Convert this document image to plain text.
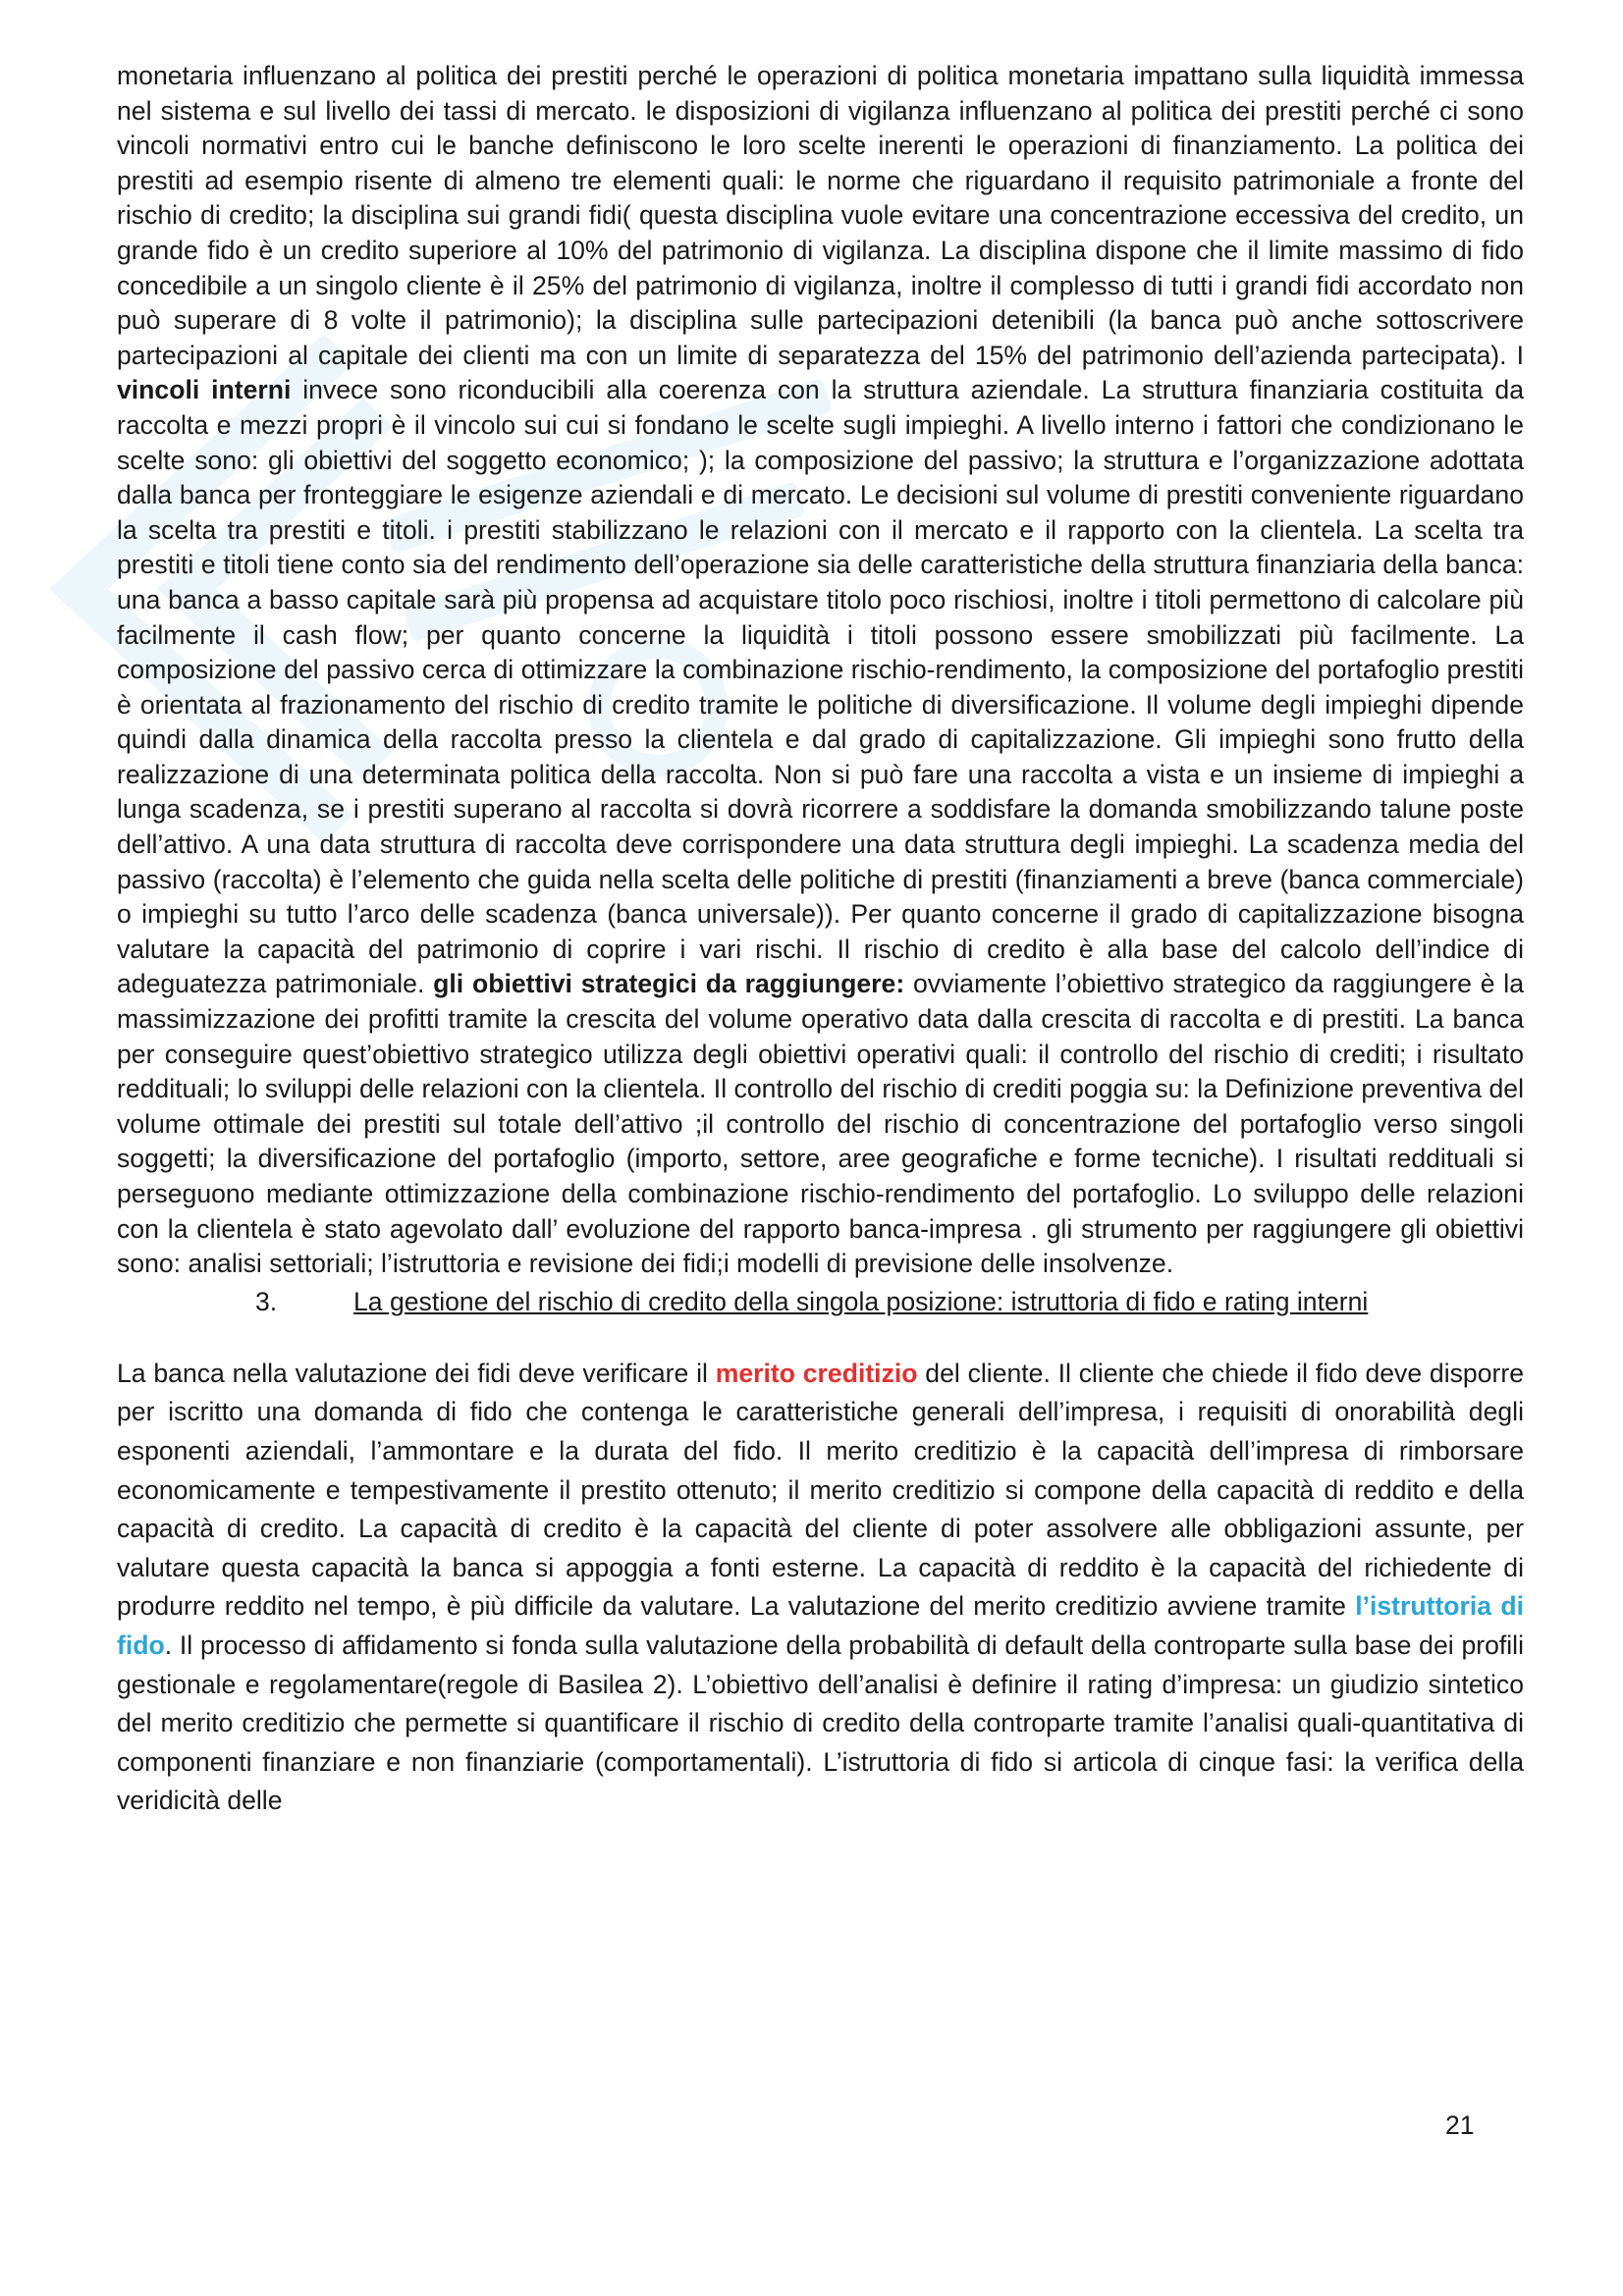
monetaria influenzano al politica dei prestiti perché le operazioni di politica monetaria impattano sulla liquidità immessa nel sistema e sul livello dei tassi di mercato. le disposizioni di vigilanza influenzano al politica dei prestiti perché ci sono vincoli normativi entro cui le banche definiscono le loro scelte inerenti le operazioni di finanziamento. La politica dei prestiti ad esempio risente di almeno tre elementi quali: le norme che riguardano il requisito patrimoniale a fronte del rischio di credito; la disciplina sui grandi fidi( questa disciplina vuole evitare una concentrazione eccessiva del credito, un grande fido è un credito superiore al 10% del patrimonio di vigilanza. La disciplina dispone che il limite massimo di fido concedibile a un singolo cliente è il 25% del patrimonio di vigilanza, inoltre il complesso di tutti i grandi fidi accordato non può superare di 8 volte il patrimonio); la disciplina sulle partecipazioni detenibili (la banca può anche sottoscrivere partecipazioni al capitale dei clienti ma con un limite di separatezza del 15% del patrimonio dell’azienda partecipata). I vincoli interni invece sono riconducibili alla coerenza con la struttura aziendale. La struttura finanziaria costituita da raccolta e mezzi propri è il vincolo sui cui si fondano le scelte sugli impieghi. A livello interno i fattori che condizionano le scelte sono: gli obiettivi del soggetto economico; ); la composizione del passivo; la struttura e l’organizzazione adottata dalla banca per fronteggiare le esigenze aziendali e di mercato. Le decisioni sul volume di prestiti conveniente riguardano la scelta tra prestiti e titoli. i prestiti stabilizzano le relazioni con il mercato e il rapporto con la clientela. La scelta tra prestiti e titoli tiene conto sia del rendimento dell’operazione sia delle caratteristiche della struttura finanziaria della banca: una banca a basso capitale sarà più propensa ad acquistare titolo poco rischiosi, inoltre i titoli permettono di calcolare più facilmente il cash flow; per quanto concerne la liquidità i titoli possono essere smobilizzati più facilmente. La composizione del passivo cerca di ottimizzare la combinazione rischio-rendimento, la composizione del portafoglio prestiti è orientata al frazionamento del rischio di credito tramite le politiche di diversificazione. Il volume degli impieghi dipende quindi dalla dinamica della raccolta presso la clientela e dal grado di capitalizzazione. Gli impieghi sono frutto della realizzazione di una determinata politica della raccolta. Non si può fare una raccolta a vista e un insieme di impieghi a lunga scadenza, se i prestiti superano al raccolta si dovrà ricorrere a soddisfare la domanda smobilizzando talune poste dell’attivo. A una data struttura di raccolta deve corrispondere una data struttura degli impieghi. La scadenza media del passivo (raccolta) è l’elemento che guida nella scelta delle politiche di prestiti (finanziamenti a breve (banca commerciale) o impieghi su tutto l’arco delle scadenza (banca universale)). Per quanto concerne il grado di capitalizzazione bisogna valutare la capacità del patrimonio di coprire i vari rischi. Il rischio di credito è alla base del calcolo dell’indice di adeguatezza patrimoniale. gli obiettivi strategici da raggiungere: ovviamente l’obiettivo strategico da raggiungere è la massimizzazione dei profitti tramite la crescita del volume operativo data dalla crescita di raccolta e di prestiti. La banca per conseguire quest’obiettivo strategico utilizza degli obiettivi operativi quali: il controllo del rischio di crediti; i risultato reddituali; lo sviluppi delle relazioni con la clientela. Il controllo del rischio di crediti poggia su: la Definizione preventiva del volume ottimale dei prestiti sul totale dell’attivo ;il controllo del rischio di concentrazione del portafoglio verso singoli soggetti; la diversificazione del portafoglio (importo, settore, aree geografiche e forme tecniche). I risultati reddituali si perseguono mediante ottimizzazione della combinazione rischio-rendimento del portafoglio. Lo sviluppo delle relazioni con la clientela è stato agevolato dall’ evoluzione del rapporto banca-impresa . gli strumento per raggiungere gli obiettivi sono: analisi settoriali; l’istruttoria e revisione dei fidi;i modelli di previsione delle insolvenze.

3.	La gestione del rischio di credito della singola posizione: istruttoria di fido e rating interni

La banca nella valutazione dei fidi deve verificare il merito creditizio del cliente. Il cliente che chiede il fido deve disporre per iscritto una domanda di fido che contenga le caratteristiche generali dell’impresa, i requisiti di onorabilità degli esponenti aziendali, l’ammontare e la durata del fido. Il merito creditizio è la capacità dell’impresa di rimborsare economicamente e tempestivamente il prestito ottenuto; il merito creditizio si compone della capacità di reddito e della capacità di credito. La capacità di credito è la capacità del cliente di poter assolvere alle obbligazioni assunte, per valutare questa capacità la banca si appoggia a fonti esterne. La capacità di reddito è la capacità del richiedente di produrre reddito nel tempo, è più difficile da valutare. La valutazione del merito creditizio avviene tramite l’istruttoria di fido. Il processo di affidamento si fonda sulla valutazione della probabilità di default della controparte sulla base dei profili gestionale e regolamentare(regole di Basilea 2). L’obiettivo dell’analisi è definire il rating d’impresa: un giudizio sintetico del merito creditizio che permette si quantificare il rischio di credito della controparte tramite l’analisi quali-quantitativa di componenti finanziare e non finanziarie (comportamentali). L’istruttoria di fido si articola di cinque fasi: la verifica della veridicità delle

21
